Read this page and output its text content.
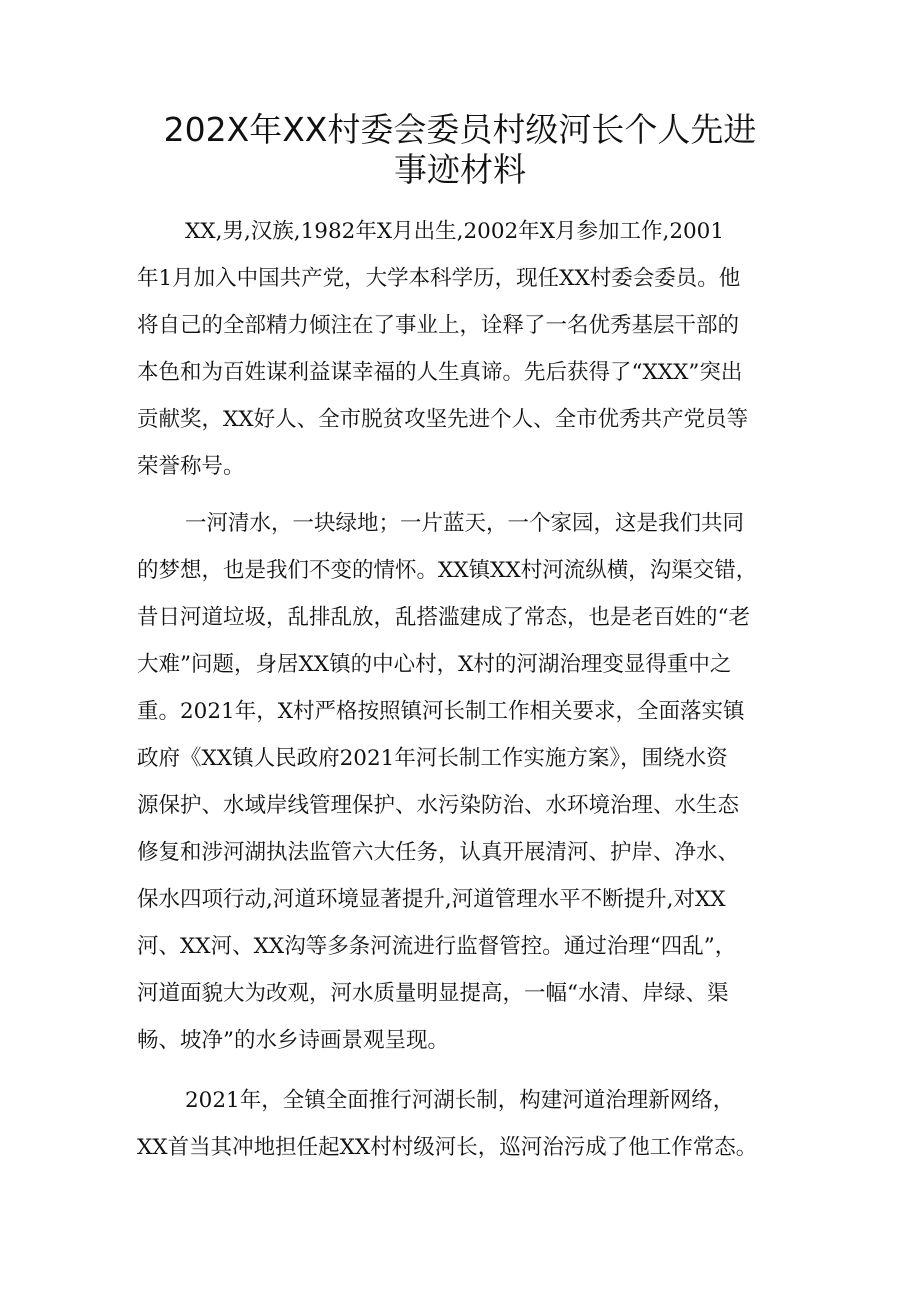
202X年XX村委会委员村级河长个人先进
事迹材料
XX,男,汉族,1982年X月出生,2002年X月参加工作,2001
年1月加入中国共产党，大学本科学历，现任XX村委会委员。他
将自己的全部精力倾注在了事业上，诠释了一名优秀基层干部的
本色和为百姓谋利益谋幸福的人生真谛。先后获得了“XXX”突出
贡献奖，XX好人、全市脱贫攻坚先进个人、全市优秀共产党员等
荣誉称号。
一河清水，一块绿地；一片蓝天，一个家园，这是我们共同
的梦想，也是我们不变的情怀。XX镇XX村河流纵横，沟渠交错，
昔日河道垃圾，乱排乱放，乱搭滥建成了常态，也是老百姓的“老
大难”问题，身居XX镇的中心村，X村的河湖治理变显得重中之
重。2021年，X村严格按照镇河长制工作相关要求，全面落实镇
政府《XX镇人民政府2021年河长制工作实施方案》，围绕水资
源保护、水域岸线管理保护、水污染防治、水环境治理、水生态
修复和涉河湖执法监管六大任务，认真开展清河、护岸、净水、
保水四项行动,河道环境显著提升,河道管理水平不断提升,对XX
河、XX河、XX沟等多条河流进行监督管控。通过治理“四乱”，
河道面貌大为改观，河水质量明显提高，一幅“水清、岸绿、渠
畅、坡净”的水乡诗画景观呈现。
2021年，全镇全面推行河湖长制，构建河道治理新网络，
XX首当其冲地担任起XX村村级河长，巡河治污成了他工作常态。
